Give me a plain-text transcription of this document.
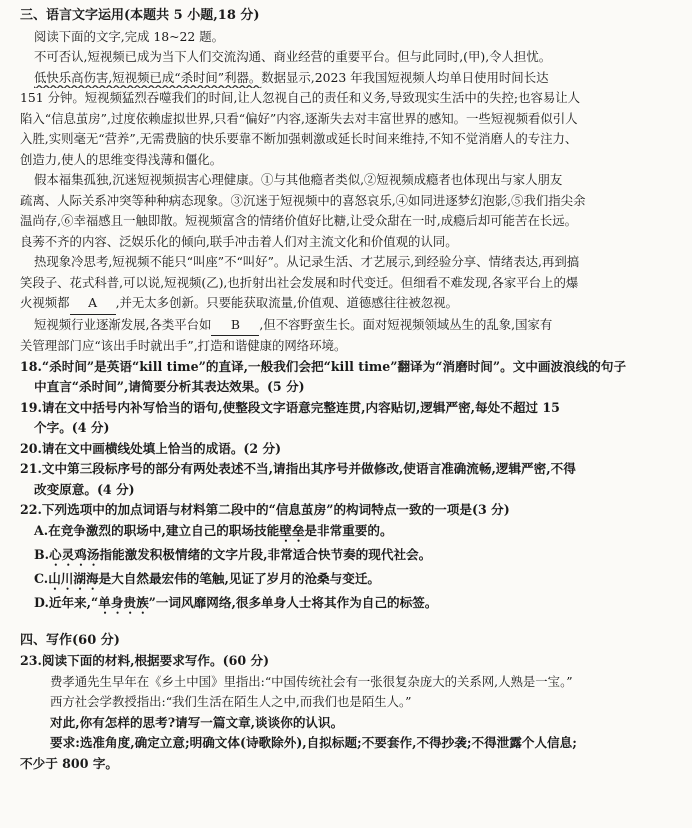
三、语言文字运用(本题共 5 小题,18 分)
阅读下面的文字,完成 18~22 题。
不可否认,短视频已成为当下人们交流沟通、商业经营的重要平台。但与此同时,(甲),令人担忧。
低快乐高伤害,短视频已成“杀时间”利器。数据显示,2023 年我国短视频人均单日使用时间长达
151 分钟。短视频猛烈吞噬我们的时间,让人忽视自己的责任和义务,导致现实生活中的失控;也容易让人
陷入“信息茧房”,过度依赖虚拟世界,只看“偏好”内容,逐渐失去对丰富世界的感知。一些短视频看似引人
入胜,实则毫无“营养”,无需费脑的快乐要靠不断加强刺激或延长时间来维持,不知不觉消磨人的专注力、
创造力,使人的思维变得浅薄和僵化。
假本福集孤独,沉迷短视频损害心理健康。①与其他瘾者类似,②短视频成瘾者也体现出与家人朋友
疏离、人际关系冲突等种种病态现象。③沉迷于短视频中的喜怒哀乐,④如同进逐梦幻泡影,⑤我们指尖余
温尚存,⑥幸福感且一触即散。短视频富含的情绪价值好比糖,让受众甜在一时,成瘾后却可能苦在长远。
良莠不齐的内容、泛娱乐化的倾向,联手冲击着人们对主流文化和价值观的认同。
热现象冷思考,短视频不能只“叫座”不“叫好”。从记录生活、才艺展示,到经验分享、情绪表达,再到搞
笑段子、花式科普,可以说,短视频(乙),也折射出社会发展和时代变迁。但细看不难发现,各家平台上的爆
火视频都 A ,并无太多创新。只要能获取流量,价值观、道德感往往被忽视。
短视频行业逐渐发展,各类平台如 B ,但不容野蛮生长。面对短视频领域丛生的乱象,国家有
关管理部门应“该出手时就出手”,打造和谐健康的网络环境。
18.“杀时间”是英语“kill time”的直译,一般我们会把“kill time”翻译为“消磨时间”。文中画波浪线的句子
中直言“杀时间”,请简要分析其表达效果。(5 分)
19.请在文中括号内补写恰当的语句,使整段文字语意完整连贯,内容贴切,逻辑严密,每处不超过 15
个字。(4 分)
20.请在文中画横线处填上恰当的成语。(2 分)
21.文中第三段标序号的部分有两处表述不当,请指出其序号并做修改,使语言准确流畅,逻辑严密,不得
改变原意。(4 分)
22.下列选项中的加点词语与材料第二段中的“信息茧房”的构词特点一致的一项是(3 分)
A.在竞争激烈的职场中,建立自己的职场技能壁垒是非常重要的。
B.心灵鸡汤指能激发积极情绪的文字片段,非常适合快节奏的现代社会。
C.山川湖海是大自然最宏伟的笔触,见证了岁月的沧桑与变迁。
D.近年来,“单身贵族”一词风靡网络,很多单身人士将其作为自己的标签。
四、写作(60 分)
23.阅读下面的材料,根据要求写作。(60 分)
费孝通先生早年在《乡土中国》里指出:“中国传统社会有一张很复杂庞大的关系网,人熟是一宝。”
西方社会学教授指出:“我们生活在陌生人之中,而我们也是陌生人。”
对此,你有怎样的思考?请写一篇文章,谈谈你的认识。
要求:选准角度,确定立意;明确文体(诗歌除外),自拟标题;不要套作,不得抄袭;不得泄露个人信息;
不少于 800 字。
